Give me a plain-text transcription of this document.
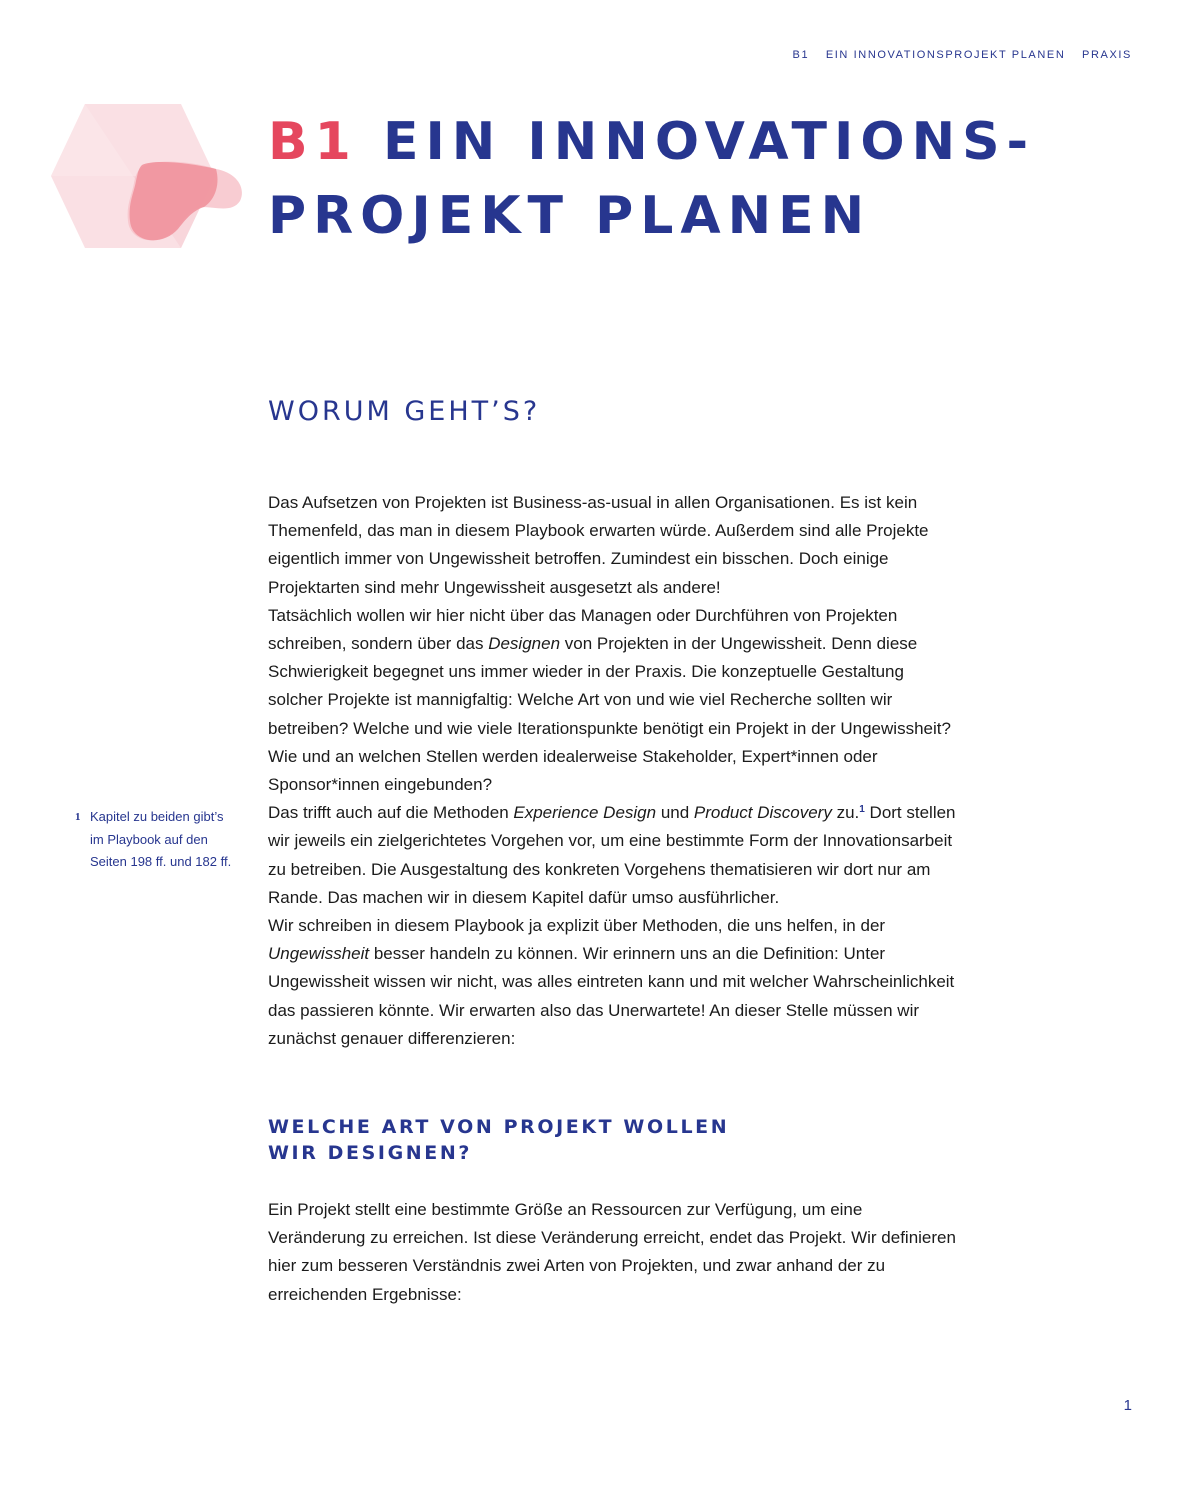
B1 EIN INNOVATIONSPROJEKT PLANEN PRAXIS
B1 EIN INNOVATIONS-
PROJEKT PLANEN
WORUM GEHT’S?

Das Aufsetzen von Projekten ist Business-as-usual in allen Organisationen. Es ist kein Themenfeld, das man in diesem Playbook erwarten würde. Außerdem sind alle Projekte eigentlich immer von Ungewissheit betroffen. Zumindest ein bisschen. Doch einige Projektarten sind mehr Ungewissheit ausgesetzt als andere!

Tatsächlich wollen wir hier nicht über das Managen oder Durchführen von Projekten schreiben, sondern über das Designen von Projekten in der Ungewissheit. Denn diese Schwierigkeit begegnet uns immer wieder in der Praxis. Die konzeptuelle Gestaltung solcher Projekte ist mannigfaltig: Welche Art von und wie viel Recherche sollten wir betreiben? Welche und wie viele Iterationspunkte benötigt ein Projekt in der Ungewissheit? Wie und an welchen Stellen werden idealerweise Stakeholder, Expert*innen oder Sponsor*innen eingebunden?

Das trifft auch auf die Methoden Experience Design und Product Discovery zu.$^1$ Dort stellen wir jeweils ein zielgerichtetes Vorgehen vor, um eine bestimmte Form der Innovationsarbeit zu betreiben. Die Ausgestaltung des konkreten Vorgehens thematisieren wir dort nur am Rande. Das machen wir in diesem Kapitel dafür umso ausführlicher.

Wir schreiben in diesem Playbook ja explizit über Methoden, die uns helfen, in der Ungewissheit besser handeln zu können. Wir erinnern uns an die Definition: Unter Ungewissheit wissen wir nicht, was alles eintreten kann und mit welcher Wahrscheinlichkeit das passieren könnte. Wir erwarten also das Unerwartete! An dieser Stelle müssen wir zunächst genauer differenzieren:

1 Kapitel zu beiden gibt’s im Playbook auf den Seiten 198 ff. und 182 ff.
WELCHE ART VON PROJEKT WOLLEN
WIR DESIGNEN?

Ein Projekt stellt eine bestimmte Größe an Ressourcen zur Verfügung, um eine Veränderung zu erreichen. Ist diese Veränderung erreicht, endet das Projekt. Wir definieren hier zum besseren Verständnis zwei Arten von Projekten, und zwar anhand der zu erreichenden Ergebnisse:

1
